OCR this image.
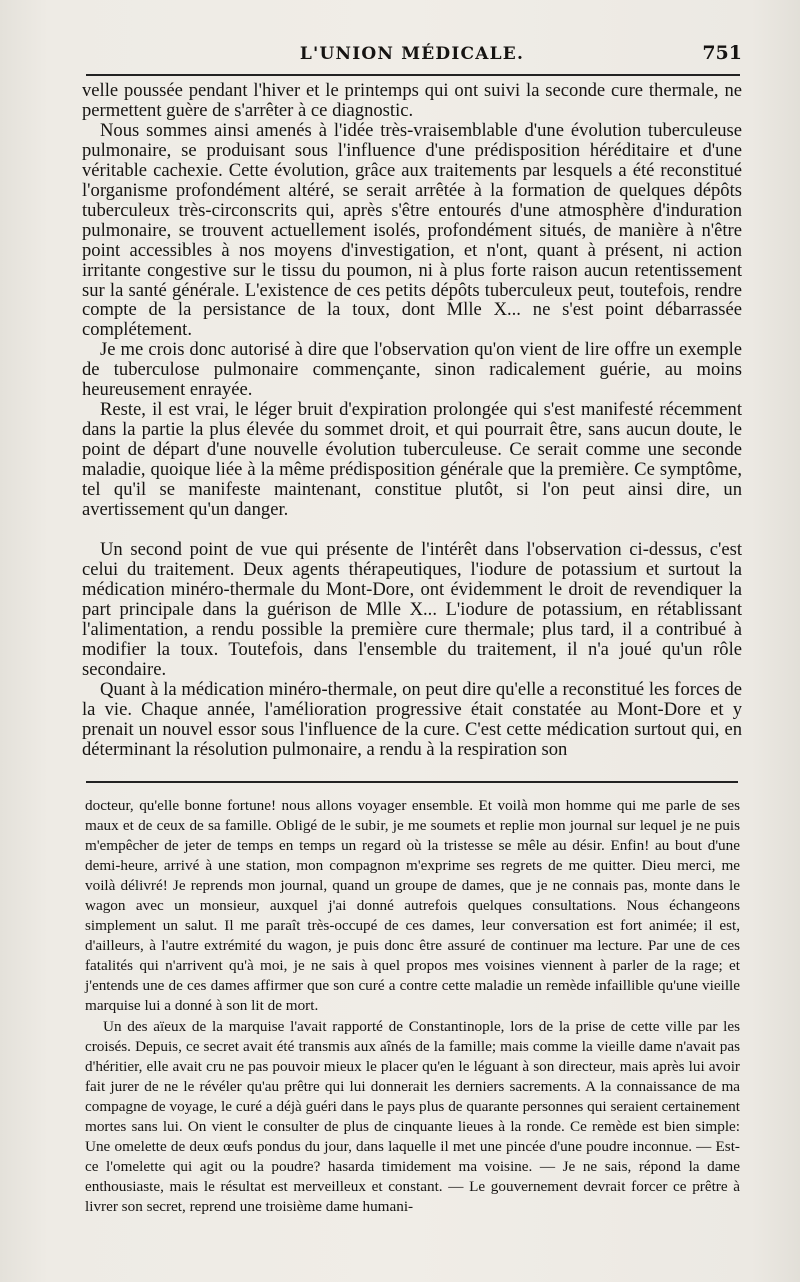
L'UNION MÉDICALE.	751

velle poussée pendant l'hiver et le printemps qui ont suivi la seconde cure thermale, ne permettent guère de s'arrêter à ce diagnostic.

Nous sommes ainsi amenés à l'idée très-vraisemblable d'une évolution tuberculeuse pulmonaire, se produisant sous l'influence d'une prédisposition héréditaire et d'une véritable cachexie. Cette évolution, grâce aux traitements par lesquels a été reconstitué l'organisme profondément altéré, se serait arrêtée à la formation de quelques dépôts tuberculeux très-circonscrits qui, après s'être entourés d'une atmosphère d'induration pulmonaire, se trouvent actuellement isolés, profondément situés, de manière à n'être point accessibles à nos moyens d'investigation, et n'ont, quant à présent, ni action irritante congestive sur le tissu du poumon, ni à plus forte raison aucun retentissement sur la santé générale. L'existence de ces petits dépôts tuberculeux peut, toutefois, rendre compte de la persistance de la toux, dont Mlle X... ne s'est point débarrassée complétement.

Je me crois donc autorisé à dire que l'observation qu'on vient de lire offre un exemple de tuberculose pulmonaire commençante, sinon radicalement guérie, au moins heureusement enrayée.

Reste, il est vrai, le léger bruit d'expiration prolongée qui s'est manifesté récemment dans la partie la plus élevée du sommet droit, et qui pourrait être, sans aucun doute, le point de départ d'une nouvelle évolution tuberculeuse. Ce serait comme une seconde maladie, quoique liée à la même prédisposition générale que la première. Ce symptôme, tel qu'il se manifeste maintenant, constitue plutôt, si l'on peut ainsi dire, un avertissement qu'un danger.

Un second point de vue qui présente de l'intérêt dans l'observation ci-dessus, c'est celui du traitement. Deux agents thérapeutiques, l'iodure de potassium et surtout la médication minéro-thermale du Mont-Dore, ont évidemment le droit de revendiquer la part principale dans la guérison de Mlle X... L'iodure de potassium, en rétablissant l'alimentation, a rendu possible la première cure thermale; plus tard, il a contribué à modifier la toux. Toutefois, dans l'ensemble du traitement, il n'a joué qu'un rôle secondaire.

Quant à la médication minéro-thermale, on peut dire qu'elle a reconstitué les forces de la vie. Chaque année, l'amélioration progressive était constatée au Mont-Dore et y prenait un nouvel essor sous l'influence de la cure. C'est cette médication surtout qui, en déterminant la résolution pulmonaire, a rendu à la respiration son

docteur, qu'elle bonne fortune! nous allons voyager ensemble. Et voilà mon homme qui me parle de ses maux et de ceux de sa famille. Obligé de le subir, je me soumets et replie mon journal sur lequel je ne puis m'empêcher de jeter de temps en temps un regard où la tristesse se mêle au désir. Enfin! au bout d'une demi-heure, arrivé à une station, mon compagnon m'exprime ses regrets de me quitter. Dieu merci, me voilà délivré! Je reprends mon journal, quand un groupe de dames, que je ne connais pas, monte dans le wagon avec un monsieur, auxquel j'ai donné autrefois quelques consultations. Nous échangeons simplement un salut. Il me paraît très-occupé de ces dames, leur conversation est fort animée; il est, d'ailleurs, à l'autre extrémité du wagon, je puis donc être assuré de continuer ma lecture. Par une de ces fatalités qui n'arrivent qu'à moi, je ne sais à quel propos mes voisines viennent à parler de la rage; et j'entends une de ces dames affirmer que son curé a contre cette maladie un remède infaillible qu'une vieille marquise lui a donné à son lit de mort.

Un des aïeux de la marquise l'avait rapporté de Constantinople, lors de la prise de cette ville par les croisés. Depuis, ce secret avait été transmis aux aînés de la famille; mais comme la vieille dame n'avait pas d'héritier, elle avait cru ne pas pouvoir mieux le placer qu'en le léguant à son directeur, mais après lui avoir fait jurer de ne le révéler qu'au prêtre qui lui donnerait les derniers sacrements. A la connaissance de ma compagne de voyage, le curé a déjà guéri dans le pays plus de quarante personnes qui seraient certainement mortes sans lui. On vient le consulter de plus de cinquante lieues à la ronde. Ce remède est bien simple: Une omelette de deux œufs pondus du jour, dans laquelle il met une pincée d'une poudre inconnue. — Est-ce l'omelette qui agit ou la poudre? hasarda timidement ma voisine. — Je ne sais, répond la dame enthousiaste, mais le résultat est merveilleux et constant. — Le gouvernement devrait forcer ce prêtre à livrer son secret, reprend une troisième dame humani-
